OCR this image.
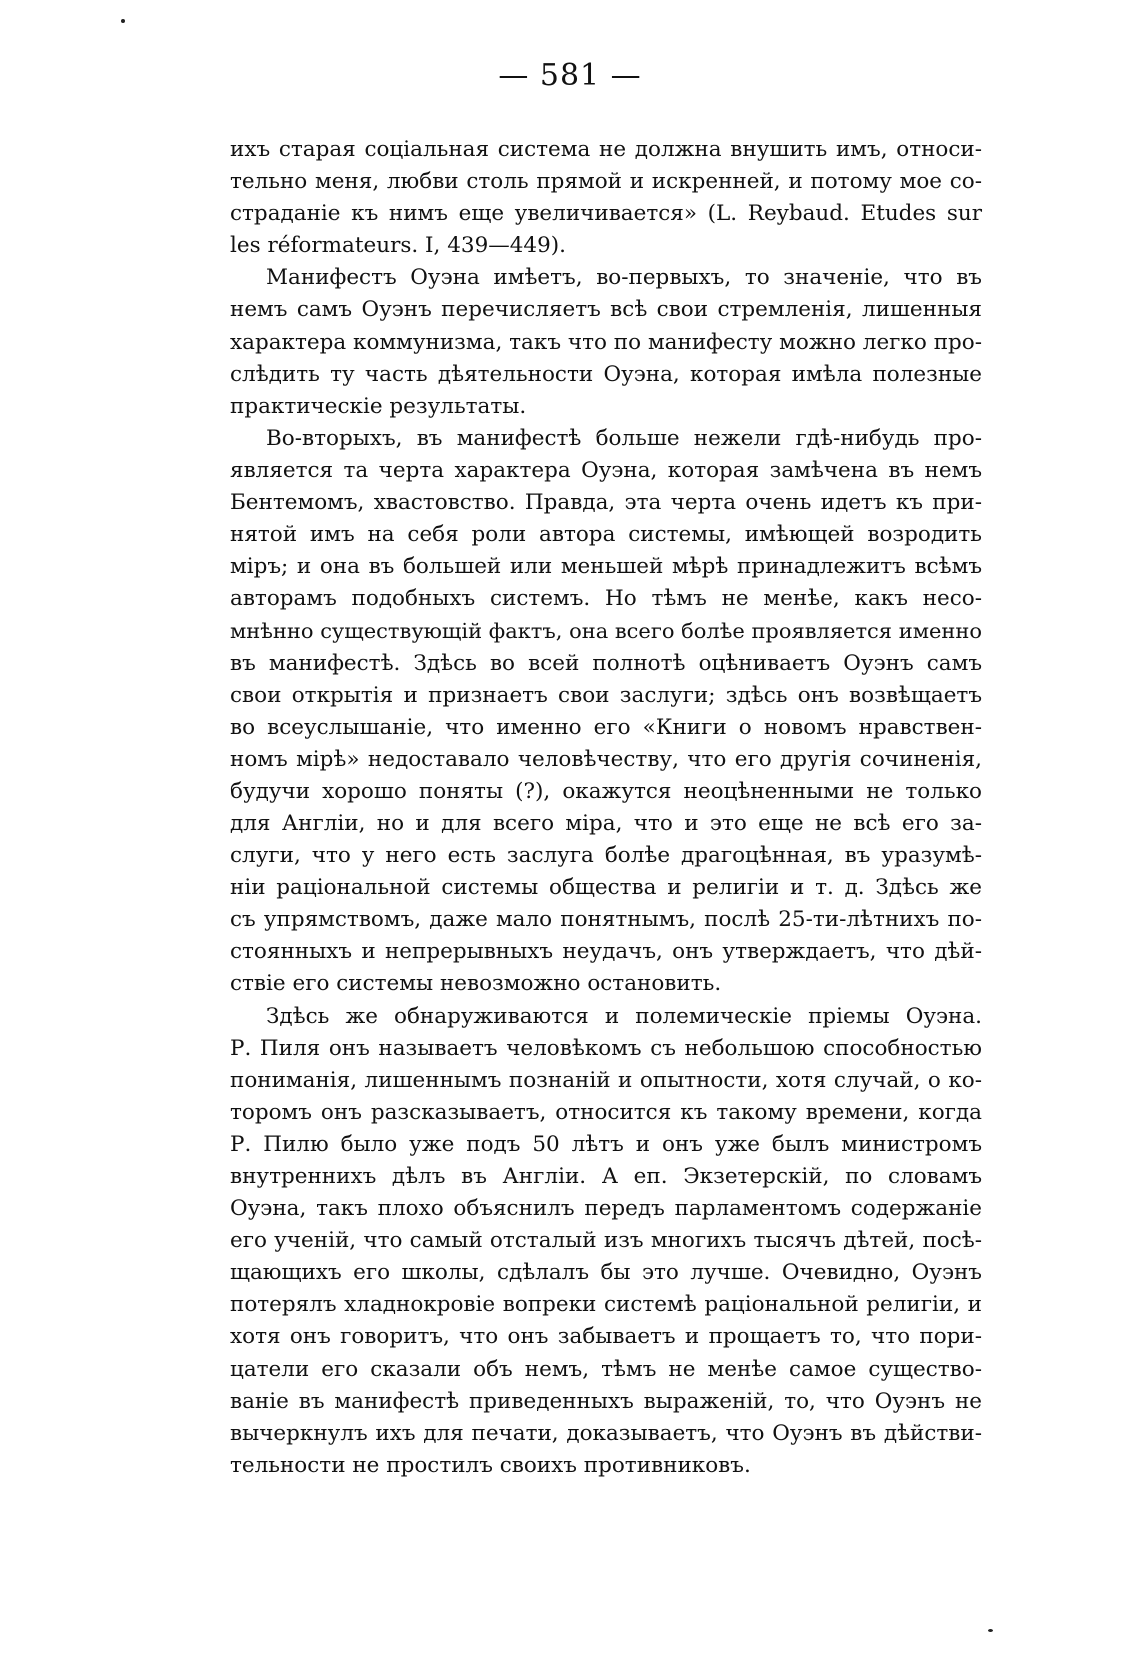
— 581 —
ихъ старая соціальная система не должна внушить имъ, относи-
тельно меня, любви столь прямой и искренней, и потому мое со-
страданіе къ нимъ еще увеличивается» (L. Reybaud. Etudes sur
les réformateurs. I, 439—449).
Манифестъ Оуэна имѣетъ, во-первыхъ, то значеніе, что въ
немъ самъ Оуэнъ перечисляетъ всѣ свои стремленія, лишенныя
характера коммунизма, такъ что по манифесту можно легко про-
слѣдить ту часть дѣятельности Оуэна, которая имѣла полезные
практическіе результаты.
Во-вторыхъ, въ манифестѣ больше нежели гдѣ-нибудь про-
является та черта характера Оуэна, которая замѣчена въ немъ
Бентемомъ, хвастовство. Правда, эта черта очень идетъ къ при-
нятой имъ на себя роли автора системы, имѣющей возродить
міръ; и она въ большей или меньшей мѣрѣ принадлежитъ всѣмъ
авторамъ подобныхъ системъ. Но тѣмъ не менѣе, какъ несо-
мнѣнно существующій фактъ, она всего болѣе проявляется именно
въ манифестѣ. Здѣсь во всей полнотѣ оцѣниваетъ Оуэнъ самъ
свои открытія и признаетъ свои заслуги; здѣсь онъ возвѣщаетъ
во всеуслышаніе, что именно его «Книги о новомъ нравствен-
номъ мірѣ» недоставало человѣчеству, что его другія сочиненія,
будучи хорошо поняты (?), окажутся неоцѣненными не только
для Англіи, но и для всего міра, что и это еще не всѣ его за-
слуги, что у него есть заслуга болѣе драгоцѣнная, въ уразумѣ-
ніи раціональной системы общества и религіи и т. д. Здѣсь же
съ упрямствомъ, даже мало понятнымъ, послѣ 25-ти-лѣтнихъ по-
стоянныхъ и непрерывныхъ неудачъ, онъ утверждаетъ, что дѣй-
ствіе его системы невозможно остановить.
Здѣсь же обнаруживаются и полемическіе пріемы Оуэна.
Р. Пиля онъ называетъ человѣкомъ съ небольшою способностью
пониманія, лишеннымъ познаній и опытности, хотя случай, о ко-
торомъ онъ разсказываетъ, относится къ такому времени, когда
Р. Пилю было уже подъ 50 лѣтъ и онъ уже былъ министромъ
внутреннихъ дѣлъ въ Англіи. А еп. Экзетерскій, по словамъ
Оуэна, такъ плохо объяснилъ передъ парламентомъ содержаніе
его ученій, что самый отсталый изъ многихъ тысячъ дѣтей, посѣ-
щающихъ его школы, сдѣлалъ бы это лучше. Очевидно, Оуэнъ
потерялъ хладнокровіе вопреки системѣ раціональной религіи, и
хотя онъ говоритъ, что онъ забываетъ и прощаетъ то, что пори-
цатели его сказали объ немъ, тѣмъ не менѣе самое существо-
ваніе въ манифестѣ приведенныхъ выраженій, то, что Оуэнъ не
вычеркнулъ ихъ для печати, доказываетъ, что Оуэнъ въ дѣйстви-
тельности не простилъ своихъ противниковъ.
